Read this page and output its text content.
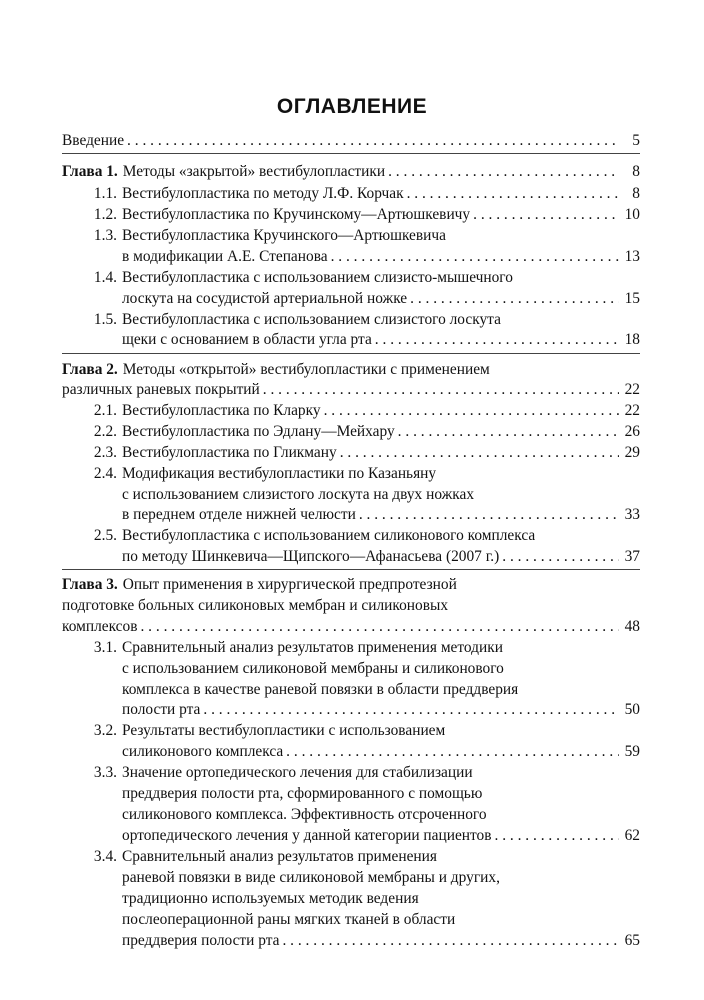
ОГЛАВЛЕНИЕ
Введение . . .	5
Глава 1. Методы «закрытой» вестибулопластики . . .	8
1.1. Вестибулопластика по методу Л.Ф. Корчак . . .	8
1.2. Вестибулопластика по Кручинскому—Артюшкевичу . . .	10
1.3. Вестибулопластика Кручинского—Артюшкевича
в модификации А.Е. Степанова . . .	13
1.4. Вестибулопластика с использованием слизисто-мышечного
лоскута на сосудистой артериальной ножке . . .	15
1.5. Вестибулопластика с использованием слизистого лоскута
щеки с основанием в области угла рта . . .	18
Глава 2. Методы «открытой» вестибулопластики с применением
различных раневых покрытий . . .	22
2.1. Вестибулопластика по Кларку . . .	22
2.2. Вестибулопластика по Эдлану—Мейхару . . .	26
2.3. Вестибулопластика по Гликману . . .	29
2.4. Модификация вестибулопластики по Казаньяну
с использованием слизистого лоскута на двух ножках
в переднем отделе нижней челюсти . . .	33
2.5. Вестибулопластика с использованием силиконового комплекса
по методу Шинкевича—Щипского—Афанасьева (2007 г.) . . .	37
Глава 3. Опыт применения в хирургической предпротезной
подготовке больных силиконовых мембран и силиконовых
комплексов . . .	48
3.1. Сравнительный анализ результатов применения методики
с использованием силиконовой мембраны и силиконового
комплекса в качестве раневой повязки в области преддверия
полости рта . . .	50
3.2. Результаты вестибулопластики с использованием
силиконового комплекса . . .	59
3.3. Значение ортопедического лечения для стабилизации
преддверия полости рта, сформированного с помощью
силиконового комплекса. Эффективность отсроченного
ортопедического лечения у данной категории пациентов . . .	62
3.4. Сравнительный анализ результатов применения
раневой повязки в виде силиконовой мембраны и других,
традиционно используемых методик ведения
послеоперационной раны мягких тканей в области
преддверия полости рта . . .	65
